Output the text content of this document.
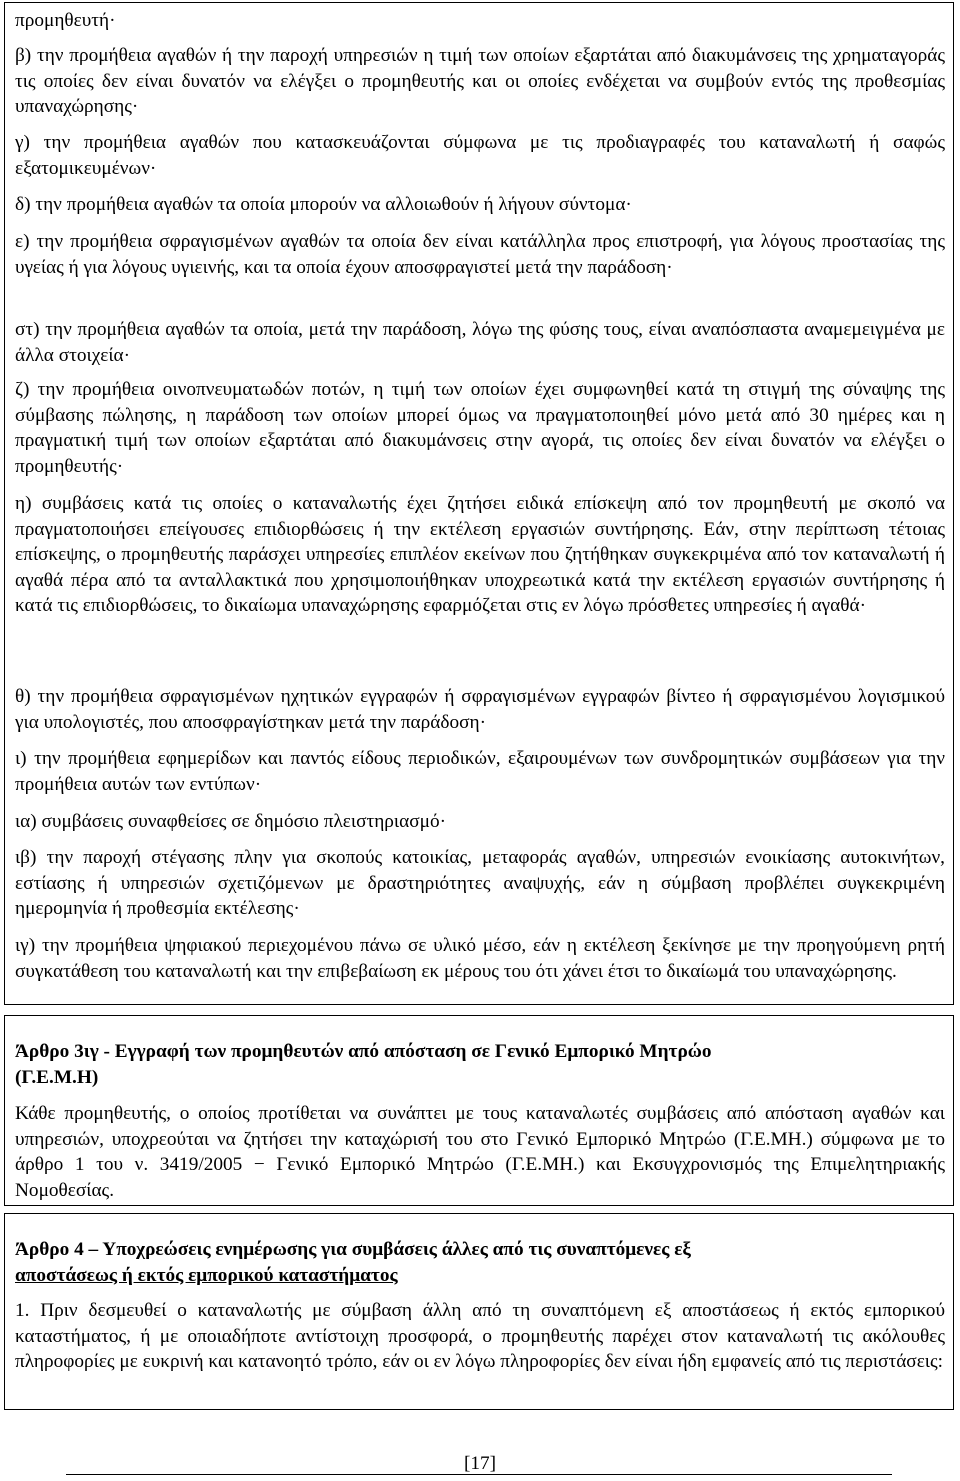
προμηθευτή·

β) την προμήθεια αγαθών ή την παροχή υπηρεσιών η τιμή των οποίων εξαρτάται από διακυμάνσεις της χρηματαγοράς τις οποίες δεν είναι δυνατόν να ελέγξει ο προμηθευτής και οι οποίες ενδέχεται να συμβούν εντός της προθεσμίας υπαναχώρησης·

γ) την προμήθεια αγαθών που κατασκευάζονται σύμφωνα με τις προδιαγραφές του καταναλωτή ή σαφώς εξατομικευμένων·

δ) την προμήθεια αγαθών τα οποία μπορούν να αλλοιωθούν ή λήγουν σύντομα·

ε) την προμήθεια σφραγισμένων αγαθών τα οποία δεν είναι κατάλληλα προς επιστροφή, για λόγους προστασίας της υγείας ή για λόγους υγιεινής, και τα οποία έχουν αποσφραγιστεί μετά την παράδοση·

στ) την προμήθεια αγαθών τα οποία, μετά την παράδοση, λόγω της φύσης τους, είναι αναπόσπαστα αναμεμειγμένα με άλλα στοιχεία·

ζ) την προμήθεια οινοπνευματωδών ποτών, η τιμή των οποίων έχει συμφωνηθεί κατά τη στιγμή της σύναψης της σύμβασης πώλησης, η παράδοση των οποίων μπορεί όμως να πραγματοποιηθεί μόνο μετά από 30 ημέρες και η πραγματική τιμή των οποίων εξαρτάται από διακυμάνσεις στην αγορά, τις οποίες δεν είναι δυνατόν να ελέγξει ο προμηθευτής·

η) συμβάσεις κατά τις οποίες ο καταναλωτής έχει ζητήσει ειδικά επίσκεψη από τον προμηθευτή με σκοπό να πραγματοποιήσει επείγουσες επιδιορθώσεις ή την εκτέλεση εργασιών συντήρησης. Εάν, στην περίπτωση τέτοιας επίσκεψης, ο προμηθευτής παράσχει υπηρεσίες επιπλέον εκείνων που ζητήθηκαν συγκεκριμένα από τον καταναλωτή ή αγαθά πέρα από τα ανταλλακτικά που χρησιμοποιήθηκαν υποχρεωτικά κατά την εκτέλεση εργασιών συντήρησης ή κατά τις επιδιορθώσεις, το δικαίωμα υπαναχώρησης εφαρμόζεται στις εν λόγω πρόσθετες υπηρεσίες ή αγαθά·

θ) την προμήθεια σφραγισμένων ηχητικών εγγραφών ή σφραγισμένων εγγραφών βίντεο ή σφραγισμένου λογισμικού για υπολογιστές, που αποσφραγίστηκαν μετά την παράδοση·

ι) την προμήθεια εφημερίδων και παντός είδους περιοδικών, εξαιρουμένων των συνδρομητικών συμβάσεων για την προμήθεια αυτών των εντύπων·

ια) συμβάσεις συναφθείσες σε δημόσιο πλειστηριασμό·

ιβ) την παροχή στέγασης πλην για σκοπούς κατοικίας, μεταφοράς αγαθών, υπηρεσιών ενοικίασης αυτοκινήτων, εστίασης ή υπηρεσιών σχετιζόμενων με δραστηριότητες αναψυχής, εάν η σύμβαση προβλέπει συγκεκριμένη ημερομηνία ή προθεσμία εκτέλεσης·

ιγ) την προμήθεια ψηφιακού περιεχομένου πάνω σε υλικό μέσο, εάν η εκτέλεση ξεκίνησε με την προηγούμενη ρητή συγκατάθεση του καταναλωτή και την επιβεβαίωση εκ μέρους του ότι χάνει έτσι το δικαίωμά του υπαναχώρησης.

Άρθρο 3ιγ - Εγγραφή των προμηθευτών από απόσταση σε Γενικό Εμπορικό Μητρώο

(Γ.Ε.Μ.Η)

Κάθε προμηθευτής, ο οποίος προτίθεται να συνάπτει με τους καταναλωτές συμβάσεις από απόσταση αγαθών και υπηρεσιών, υποχρεούται να ζητήσει την καταχώρισή του στο Γενικό Εμπορικό Μητρώο (Γ.Ε.ΜΗ.) σύμφωνα με το άρθρο 1 του ν. 3419/2005 − Γενικό Εμπορικό Μητρώο (Γ.Ε.ΜΗ.) και Εκσυγχρονισμός της Επιμελητηριακής Νομοθεσίας.

Άρθρο 4 – Υποχρεώσεις ενημέρωσης για συμβάσεις άλλες από τις συναπτόμενες εξ

αποστάσεως ή εκτός εμπορικού καταστήματος

1. Πριν δεσμευθεί ο καταναλωτής με σύμβαση άλλη από τη συναπτόμενη εξ αποστάσεως ή εκτός εμπορικού καταστήματος, ή με οποιαδήποτε αντίστοιχη προσφορά, ο προμηθευτής παρέχει στον καταναλωτή τις ακόλουθες πληροφορίες με ευκρινή και κατανοητό τρόπο, εάν οι εν λόγω πληροφορίες δεν είναι ήδη εμφανείς από τις περιστάσεις:

[17]
